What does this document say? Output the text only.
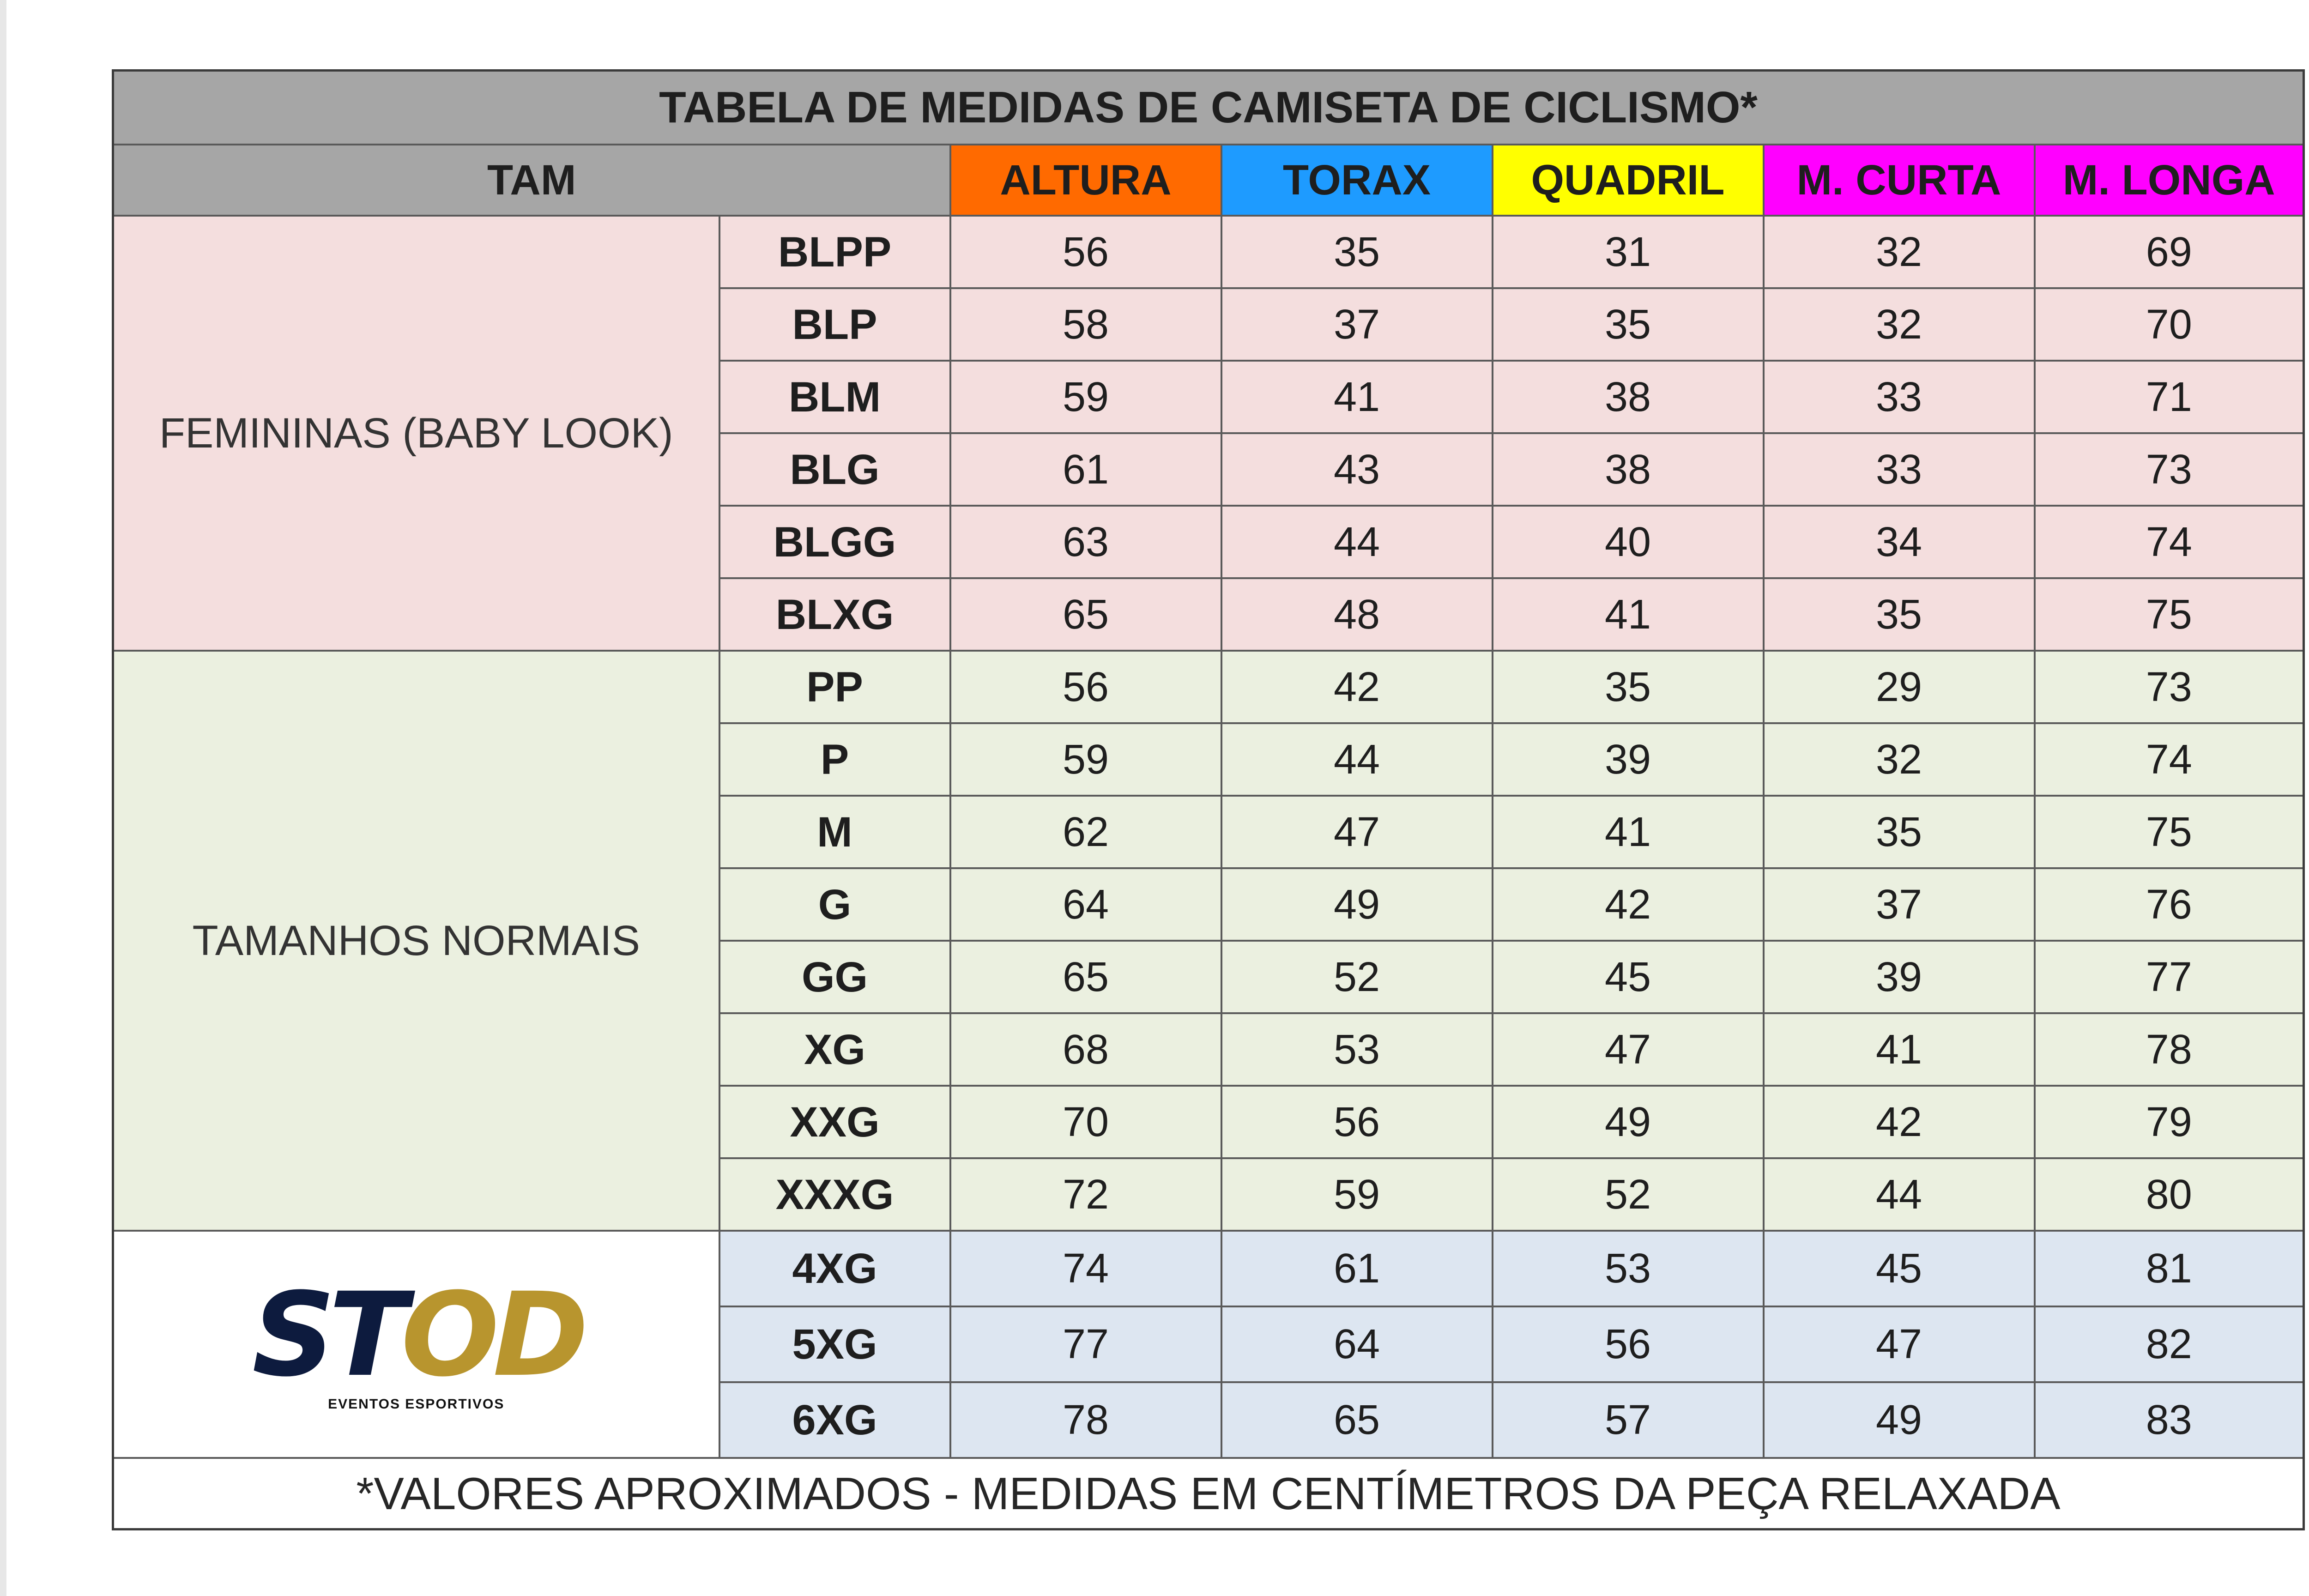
TABELA DE MEDIDAS DE CAMISETA DE CICLISMO*						
TAM		ALTURA	TORAX	QUADRIL	M. CURTA	M. LONGA
FEMININAS (BABY LOOK)	BLPP	56	35	31	32	69
	BLP	58	37	35	32	70
	BLM	59	41	38	33	71
	BLG	61	43	38	33	73
	BLGG	63	44	40	34	74
	BLXG	65	48	41	35	75
TAMANHOS NORMAIS	PP	56	42	35	29	73
	P	59	44	39	32	74
	M	62	47	41	35	75
	G	64	49	42	37	76
	GG	65	52	45	39	77
	XG	68	53	47	41	78
	XXG	70	56	49	42	79
	XXXG	72	59	52	44	80

S T O D
EVENTOS ESPORTIVOS	4XG	74	61	53	45	81
	5XG	77	64	56	47	82
	6XG	78	65	57	49	83
*VALORES APROXIMADOS - MEDIDAS EM CENTÍMETROS DA PEÇA RELAXADA						
